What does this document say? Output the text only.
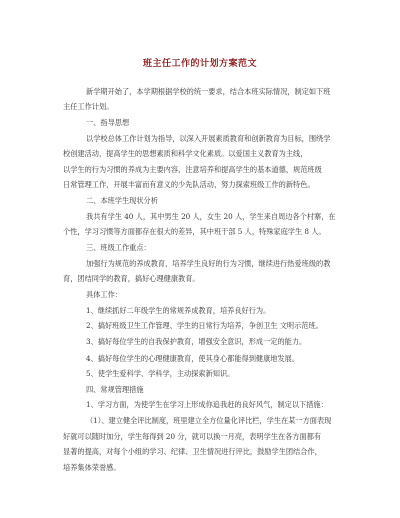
班主任工作的计划方案范文
新学期开始了，本学期根据学校的统一要求，结合本班实际情况，制定如下班
主任工作计划。
一、指导思想
以学校总体工作计划为指导，以深入开展素质教育和创新教育为目标，围绕学
校创建活动，提高学生的思想素质和科学文化素质。以爱国主义教育为主线，
以学生的行为习惯的养成为主要内容，注意培养和提高学生的基本道德，规范班级
日常管理工作，开展丰富而有意义的少先队活动，努力探索班级工作的新特色。
二、本班学生现状分析
我共有学生 40 人，其中男生 20 人，女生 20 人，学生来自周边各个村寨，在
个性，学习习惯等方面都存在很大的差异，其中班干部 5 人，特殊家庭学生 8 人。
三、班级工作重点：
加强行为规范的养成教育，培养学生良好的行为习惯，继续进行热爱班级的教
育，团结同学的教育，搞好心理健康教育。
具体工作：
1、继续抓好二年级学生的常规养成教育，培养良好行为。
2、搞好班级卫生工作管理、学生的日常行为培养，争创卫生 文明示范班。
3、搞好每位学生的自我保护教育，增强安全意识，形成一定的能力。
4、搞好每位学生的心理健康教育，使其身心都能得到健康地发展。
5、使学生爱科学、学科学，主动探索新知识。
四、常规管理措施
1、学习方面，为使学生在学习上形成你追我赶的良好风气，制定以下措施：
（1）、建立健全评比制度，班里建立全方位量化评比栏，学生在某一方面表现
好就可以随时加分，学生每得到 20 分，就可以换一月亮，表明学生在各方面都有
显著的提高，对每个小组的学习、纪律、卫生情况进行评比，鼓励学生团结合作，
培养集体荣誉感。
